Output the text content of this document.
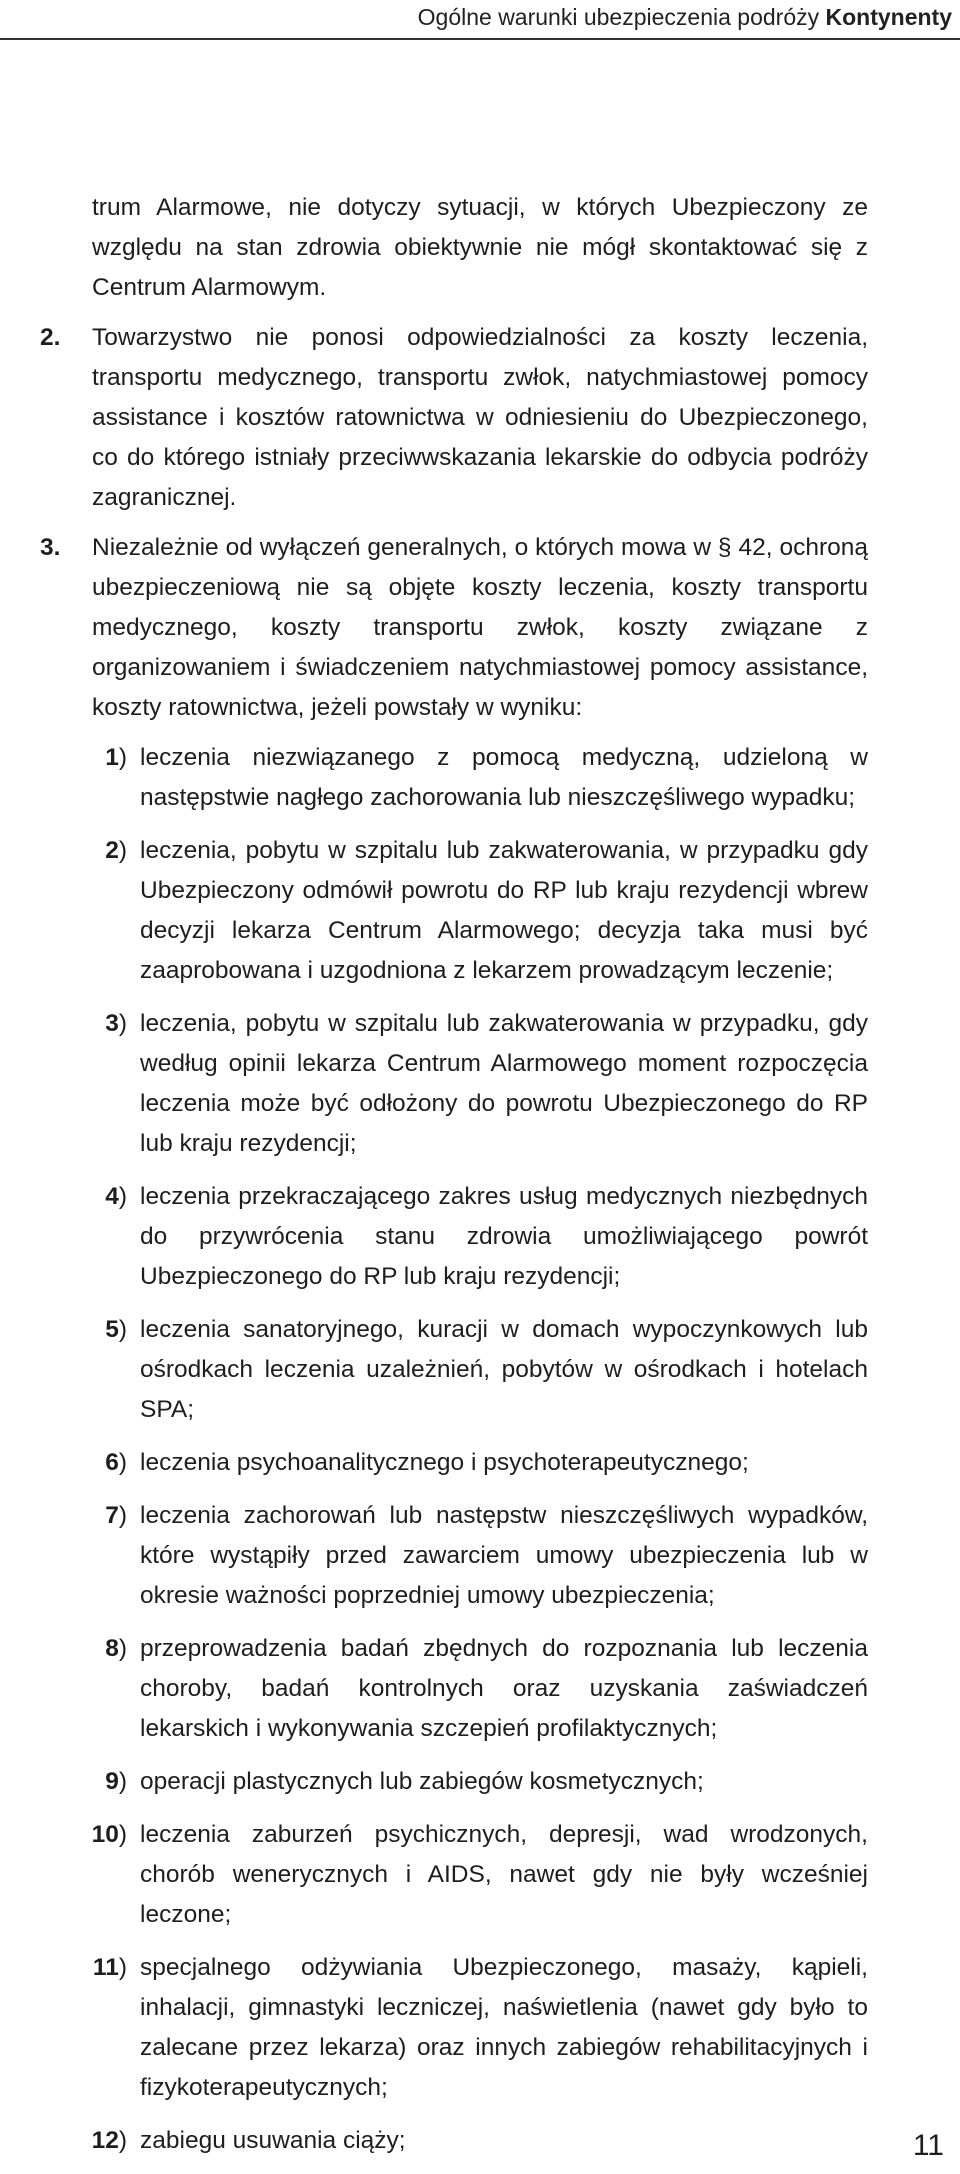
Ogólne warunki ubezpieczenia podróży Kontynenty
trum Alarmowe, nie dotyczy sytuacji, w których Ubezpieczony ze względu na stan zdrowia obiektywnie nie mógł skontaktować się z Centrum Alarmowym.
2. Towarzystwo nie ponosi odpowiedzialności za koszty leczenia, transportu medycznego, transportu zwłok, natychmiastowej pomocy assistance i kosztów ratownictwa w odniesieniu do Ubezpieczonego, co do którego istniały przeciwwskazania lekarskie do odbycia podróży zagranicznej.
3. Niezależnie od wyłączeń generalnych, o których mowa w § 42, ochroną ubezpieczeniową nie są objęte koszty leczenia, koszty transportu medycznego, koszty transportu zwłok, koszty związane z organizowaniem i świadczeniem natychmiastowej pomocy assistance, koszty ratownictwa, jeżeli powstały w wyniku:
1) leczenia niezwiązanego z pomocą medyczną, udzieloną w następstwie nagłego zachorowania lub nieszczęśliwego wypadku;
2) leczenia, pobytu w szpitalu lub zakwaterowania, w przypadku gdy Ubezpieczony odmówił powrotu do RP lub kraju rezydencji wbrew decyzji lekarza Centrum Alarmowego; decyzja taka musi być zaaprobowana i uzgodniona z lekarzem prowadzącym leczenie;
3) leczenia, pobytu w szpitalu lub zakwaterowania w przypadku, gdy według opinii lekarza Centrum Alarmowego moment rozpoczęcia leczenia może być odłożony do powrotu Ubezpieczonego do RP lub kraju rezydencji;
4) leczenia przekraczającego zakres usług medycznych niezbędnych do przywrócenia stanu zdrowia umożliwiającego powrót Ubezpieczonego do RP lub kraju rezydencji;
5) leczenia sanatoryjnego, kuracji w domach wypoczynkowych lub ośrodkach leczenia uzależnień, pobytów w ośrodkach i hotelach SPA;
6) leczenia psychoanalitycznego i psychoterapeutycznego;
7) leczenia zachorowań lub następstw nieszczęśliwych wypadków, które wystąpiły przed zawarciem umowy ubezpieczenia lub w okresie ważności poprzedniej umowy ubezpieczenia;
8) przeprowadzenia badań zbędnych do rozpoznania lub leczenia choroby, badań kontrolnych oraz uzyskania zaświadczeń lekarskich i wykonywania szczepień profilaktycznych;
9) operacji plastycznych lub zabiegów kosmetycznych;
10) leczenia zaburzeń psychicznych, depresji, wad wrodzonych, chorób wenerycznych i AIDS, nawet gdy nie były wcześniej leczone;
11) specjalnego odżywiania Ubezpieczonego, masaży, kąpieli, inhalacji, gimnastyki leczniczej, naświetlenia (nawet gdy było to zalecane przez lekarza) oraz innych zabiegów rehabilitacyjnych i fizykoterapeutycznych;
12) zabiegu usuwania ciąży;	11
